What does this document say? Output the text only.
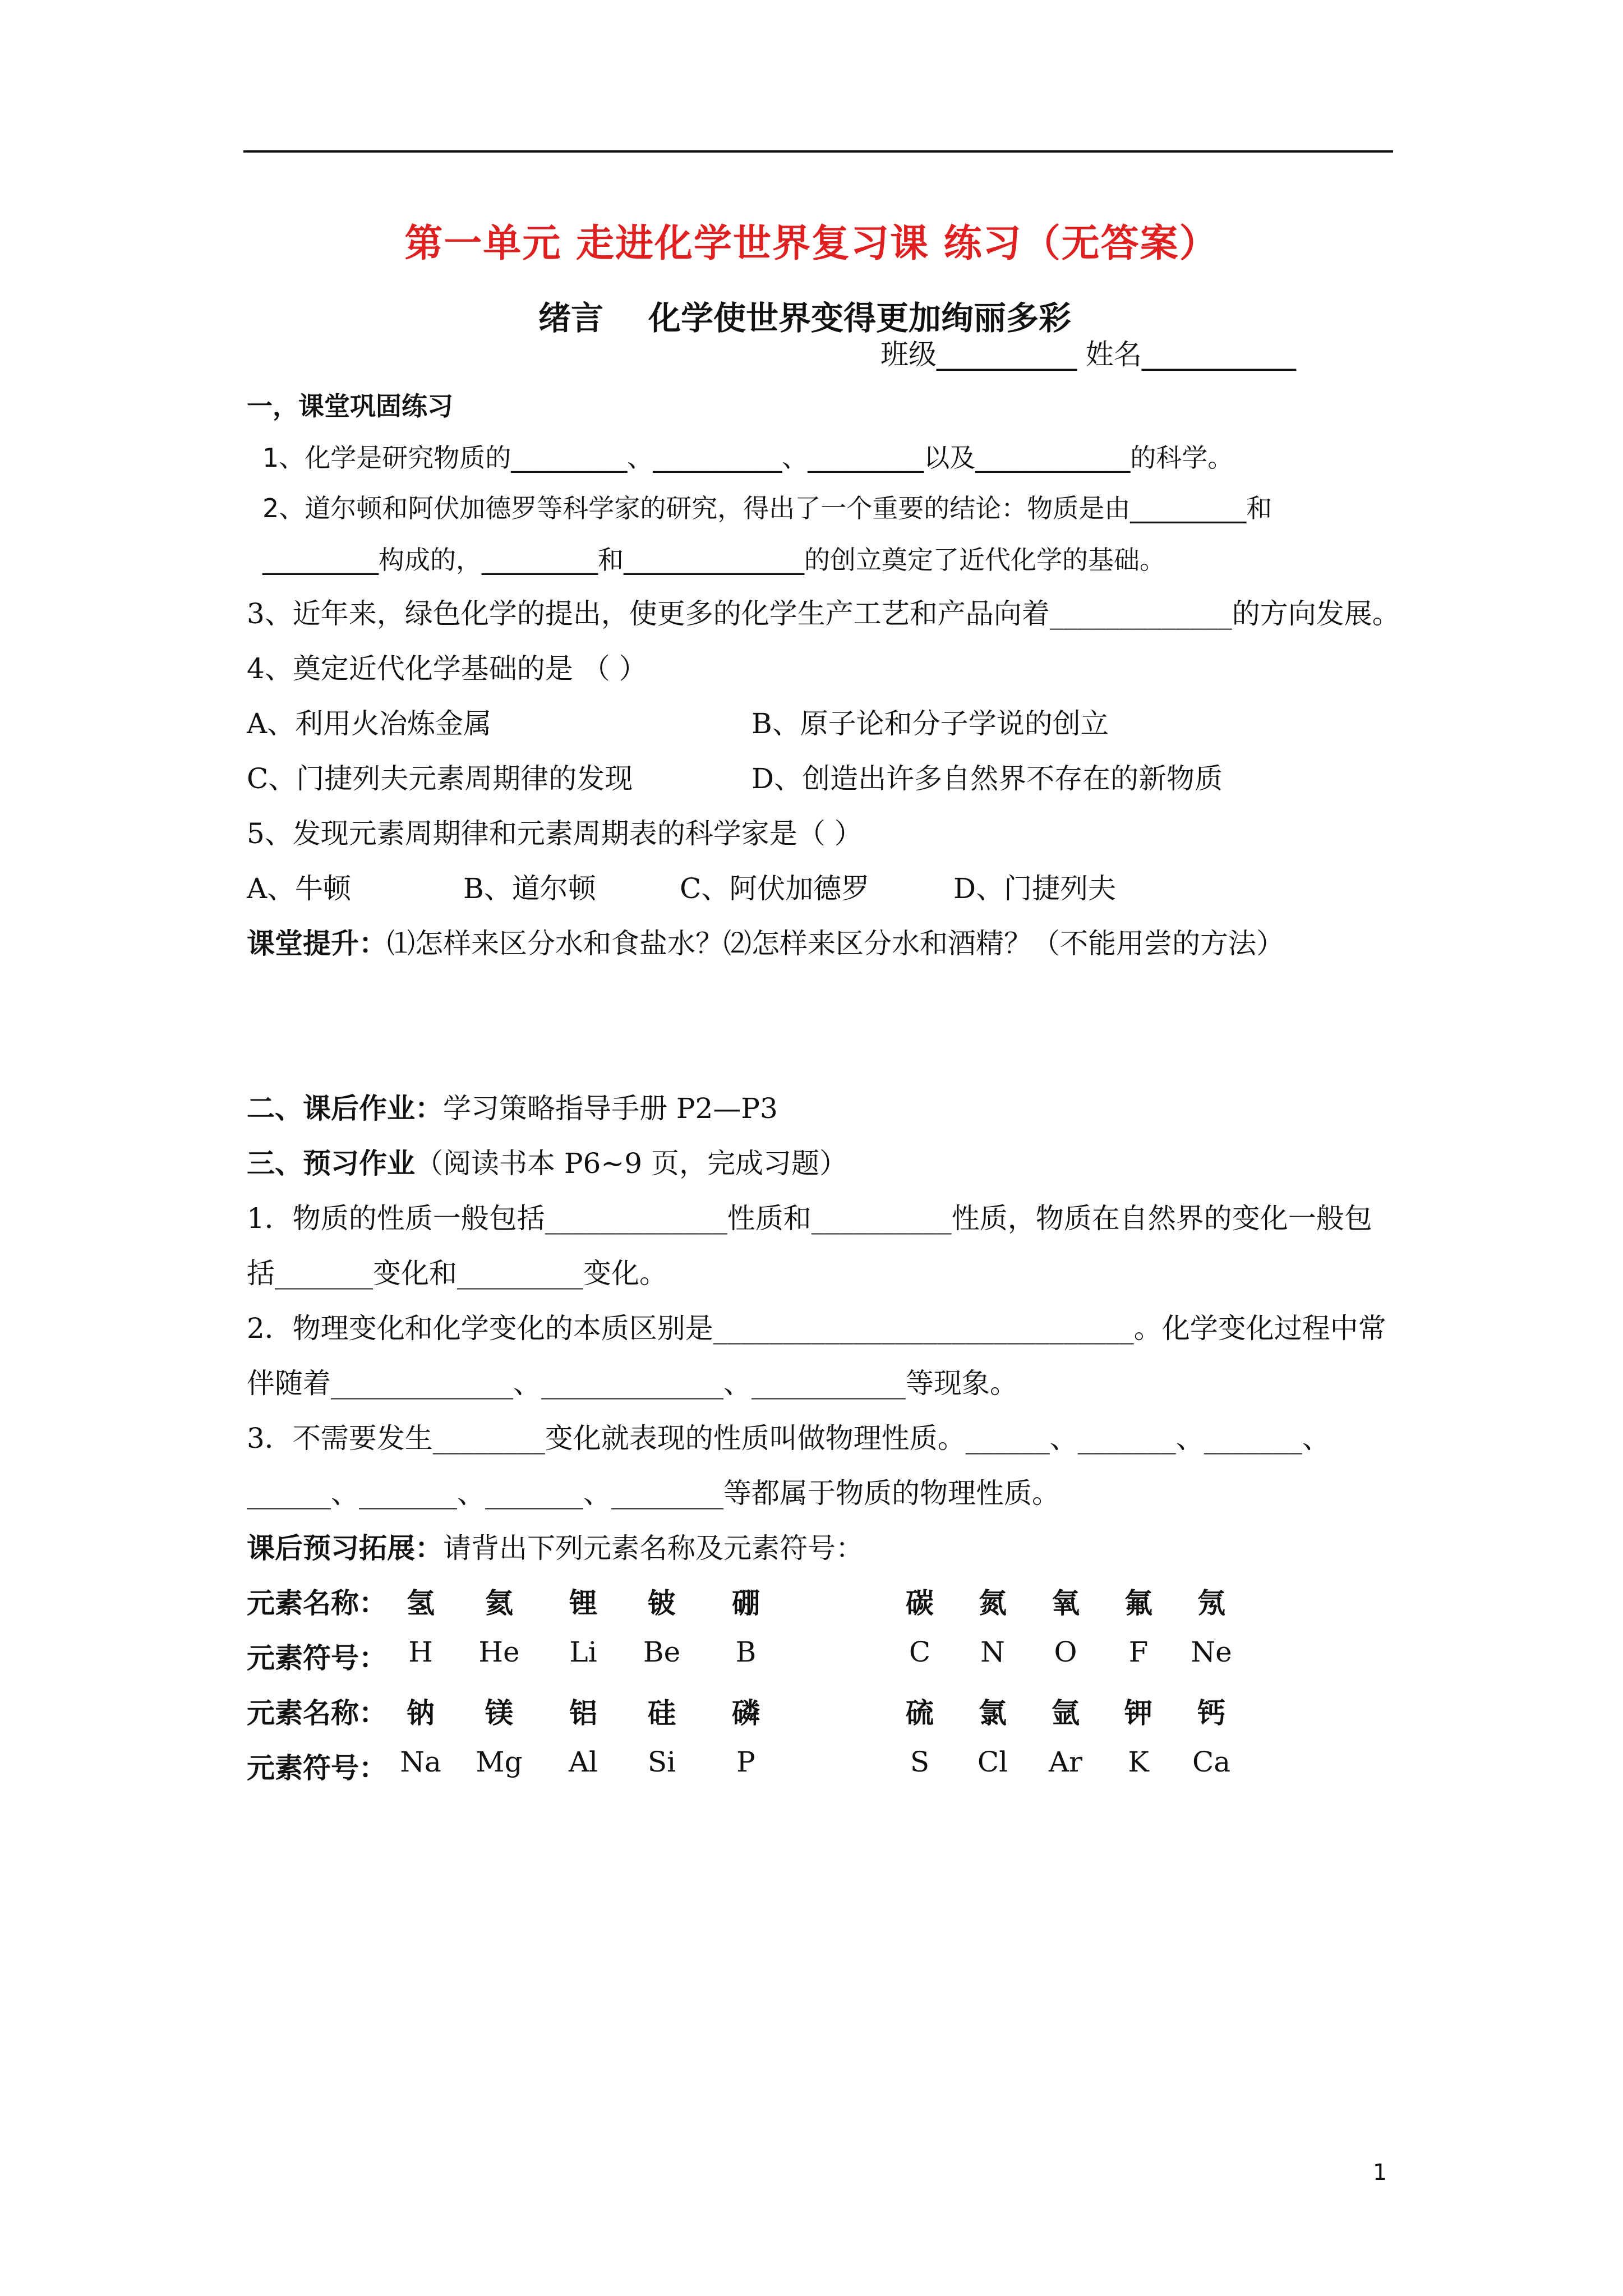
第一单元 走进化学世界复习课 练习（无答案）
绪言 化学使世界变得更加绚丽多彩
班级__________ 姓名___________
一，课堂巩固练习
1、化学是研究物质的_________、__________、_________以及____________的科学。
2、道尔顿和阿伏加德罗等科学家的研究，得出了一个重要的结论：物质是由_________和
_________构成的，_________和______________的创立奠定了近代化学的基础。
3、近年来，绿色化学的提出，使更多的化学生产工艺和产品向着_____________的方向发展。
4、奠定近代化学基础的是 （ ）
A、利用火冶炼金属	B、原子论和分子学说的创立
C、门捷列夫元素周期律的发现	D、创造出许多自然界不存在的新物质
5、发现元素周期律和元素周期表的科学家是（ ）
A、牛顿	B、道尔顿	C、阿伏加德罗	D、门捷列夫
课堂提升：⑴怎样来区分水和食盐水？⑵怎样来区分水和酒精？（不能用尝的方法）
二、课后作业：学习策略指导手册 P2—P3
三、预习作业（阅读书本 P6~9 页，完成习题）
1．物质的性质一般包括_____________性质和__________性质，物质在自然界的变化一般包
括_______变化和_________变化。
2．物理变化和化学变化的本质区别是______________________________。化学变化过程中常
伴随着_____________、_____________、___________等现象。
3．不需要发生________变化就表现的性质叫做物理性质。______、_______、_______、
______、_______、_______、________等都属于物质的物理性质。
课后预习拓展：请背出下列元素名称及元素符号：
元素名称： 氢	氦	锂	铍	硼	碳	氮	氧	氟	氖
元素符号： H	He	Li	Be	B	C	N	O	F	Ne
元素名称： 钠	镁	铝	硅	磷	硫	氯	氩	钾	钙
元素符号： Na	Mg	Al	Si	P	S	Cl	Ar	K	Ca
1
